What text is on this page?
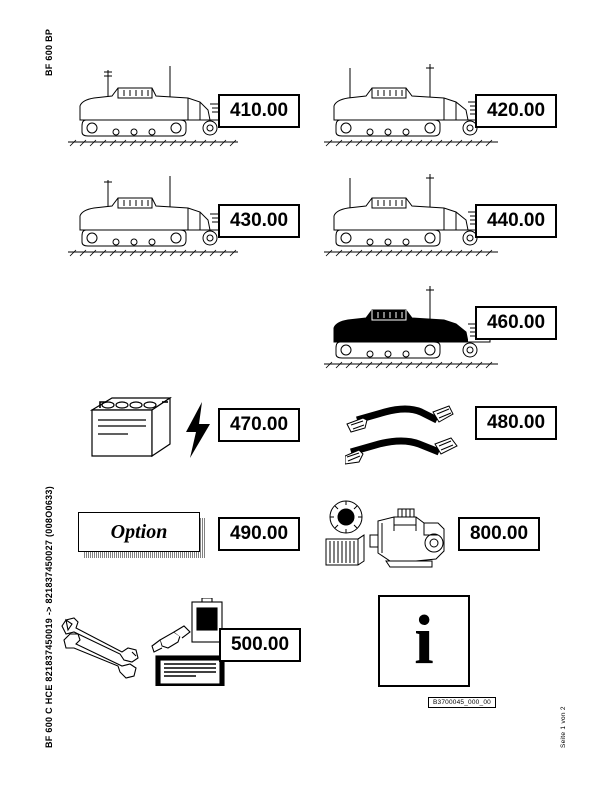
BF 600 BP
BF 600 C HCE 821837450019 -> 821837450027 (008O0633)	Seite 1 von 2
410.00	420.00
430.00	440.00
460.00
470.00	480.00
Option	490.00	800.00
500.00	i
B3700045_000_00
